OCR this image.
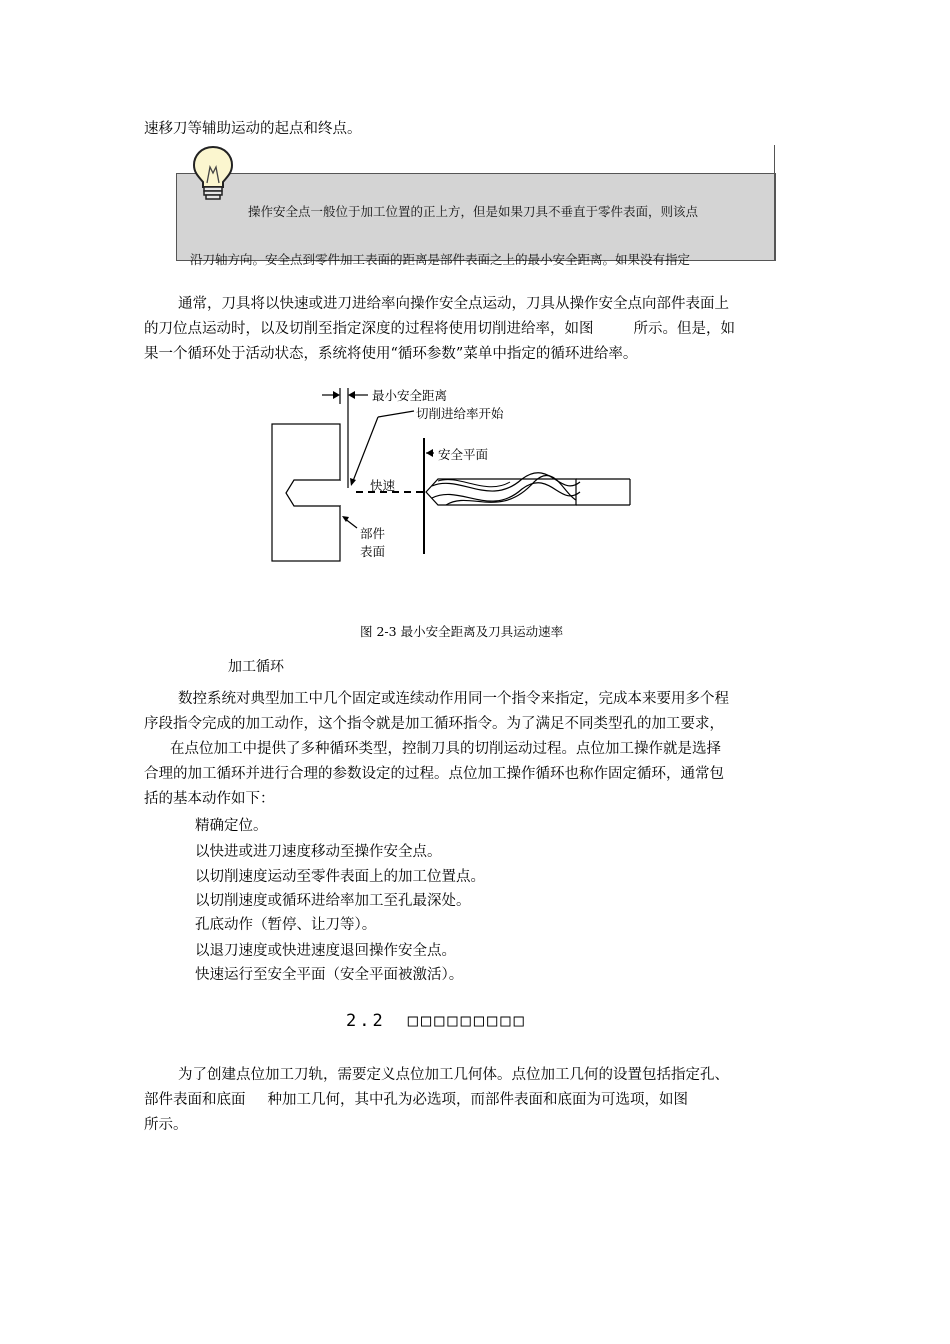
速移刀等辅助运动的起点和终点。
操作安全点一般位于加工位置的正上方，但是如果刀具不垂直于零件表面，则该点
沿刀轴方向。安全点到零件加工表面的距离是部件表面之上的最小安全距离。如果没有指定
通常，刀具将以快速或进刀进给率向操作安全点运动，刀具从操作安全点向部件表面上
的刀位点运动时，以及切削至指定深度的过程将使用切削进给率，如图	所示。但是，如
果一个循环处于活动状态，系统将使用“循环参数”菜单中指定的循环进给率。
最小安全距离
切削进给率开始
安全平面
快速
部件
表面
图 2-3 最小安全距离及刀具运动速率
加工循环
数控系统对典型加工中几个固定或连续动作用同一个指令来指定，完成本来要用多个程
序段指令完成的加工动作，这个指令就是加工循环指令。为了满足不同类型孔的加工要求，
在点位加工中提供了多种循环类型，控制刀具的切削运动过程。点位加工操作就是选择
合理的加工循环并进行合理的参数设定的过程。点位加工操作循环也称作固定循环，通常包
括的基本动作如下：
精确定位。
以快进或进刀速度移动至操作安全点。
以切削速度运动至零件表面上的加工位置点。
以切削速度或循环进给率加工至孔最深处。
孔底动作（暂停、让刀等）。
以退刀速度或快进速度退回操作安全点。
快速运行至安全平面（安全平面被激活）。
2.2 □□□□□□□□□
为了创建点位加工刀轨，需要定义点位加工几何体。点位加工几何的设置包括指定孔、
部件表面和底面 种加工几何，其中孔为必选项，而部件表面和底面为可选项，如图
所示。
